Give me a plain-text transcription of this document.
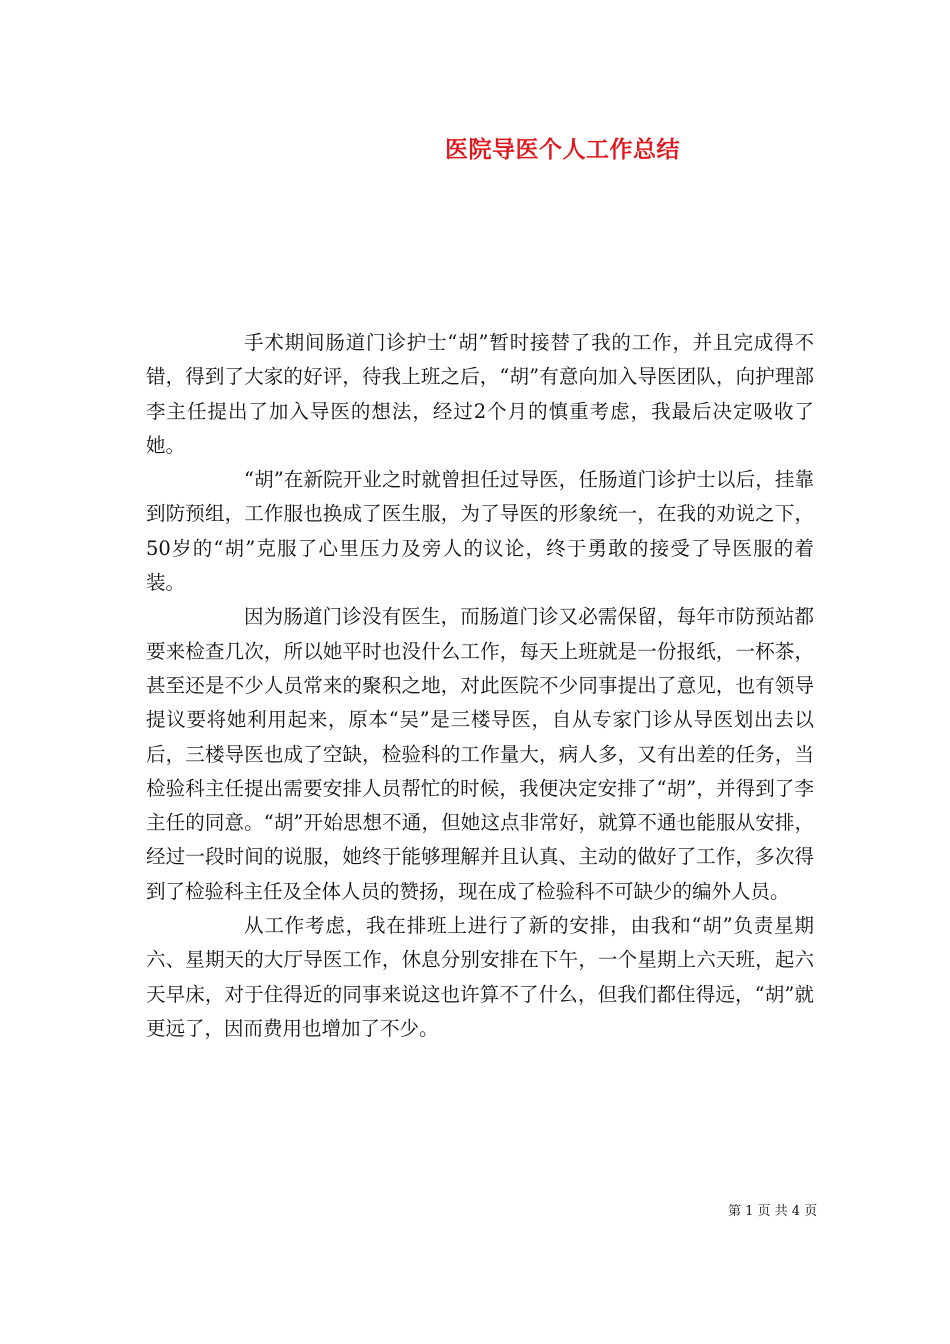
医院导医个人工作总结

手术期间肠道门诊护士“胡”暂时接替了我的工作，并且完成得不错，得到了大家的好评，待我上班之后，“胡”有意向加入导医团队，向护理部李主任提出了加入导医的想法，经过2个月的慎重考虑，我最后决定吸收了她。

“胡”在新院开业之时就曾担任过导医，任肠道门诊护士以后，挂靠到防预组，工作服也换成了医生服，为了导医的形象统一，在我的劝说之下，50岁的“胡”克服了心里压力及旁人的议论，终于勇敢的接受了导医服的着装。

因为肠道门诊没有医生，而肠道门诊又必需保留，每年市防预站都要来检查几次，所以她平时也没什么工作，每天上班就是一份报纸，一杯茶，甚至还是不少人员常来的聚积之地，对此医院不少同事提出了意见，也有领导提议要将她利用起来，原本“吴”是三楼导医，自从专家门诊从导医划出去以后，三楼导医也成了空缺，检验科的工作量大，病人多，又有出差的任务，当检验科主任提出需要安排人员帮忙的时候，我便决定安排了“胡”，并得到了李主任的同意。“胡”开始思想不通，但她这点非常好，就算不通也能服从安排，经过一段时间的说服，她终于能够理解并且认真、主动的做好了工作，多次得到了检验科主任及全体人员的赞扬，现在成了检验科不可缺少的编外人员。

从工作考虑，我在排班上进行了新的安排，由我和“胡”负责星期六、星期天的大厅导医工作，休息分别安排在下午，一个星期上六天班，起六天早床，对于住得近的同事来说这也许算不了什么，但我们都住得远，“胡”就更远了，因而费用也增加了不少。

第 1 页 共 4 页
